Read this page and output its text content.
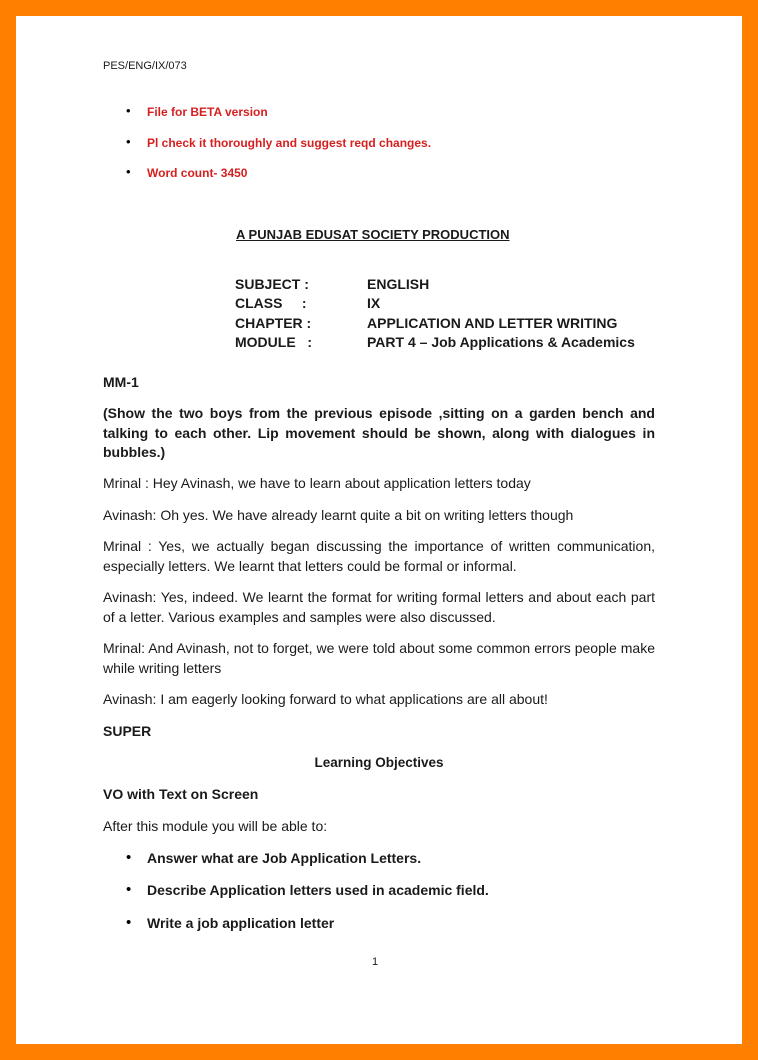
PES/ENG/IX/073
• File for BETA version
• Pl check it thoroughly and suggest reqd changes.
• Word count- 3450
A PUNJAB EDUSAT SOCIETY PRODUCTION
SUBJECT :	ENGLISH
CLASS     :	IX
CHAPTER :	APPLICATION AND LETTER WRITING
MODULE   :	PART 4 – Job Applications & Academics
MM-1
(Show the two boys from the previous episode ,sitting on a garden bench and talking to each other. Lip movement should be shown, along with dialogues in bubbles.)
Mrinal : Hey Avinash, we have to learn about application letters today
Avinash: Oh yes. We have already learnt quite a bit on writing letters though
Mrinal : Yes, we actually began discussing the importance of written communication, especially letters. We learnt that letters could be formal or informal.
Avinash: Yes, indeed. We learnt the format for writing formal letters and about each part of a letter. Various examples and samples were also discussed.
Mrinal: And Avinash, not to forget, we were told about some common errors people make while writing letters
Avinash: I am eagerly looking forward to what applications are all about!
SUPER
Learning Objectives
VO with Text on Screen
After this module you will be able to:
• Answer what are Job Application Letters.
• Describe Application letters used in academic field.
• Write a job application letter
1
